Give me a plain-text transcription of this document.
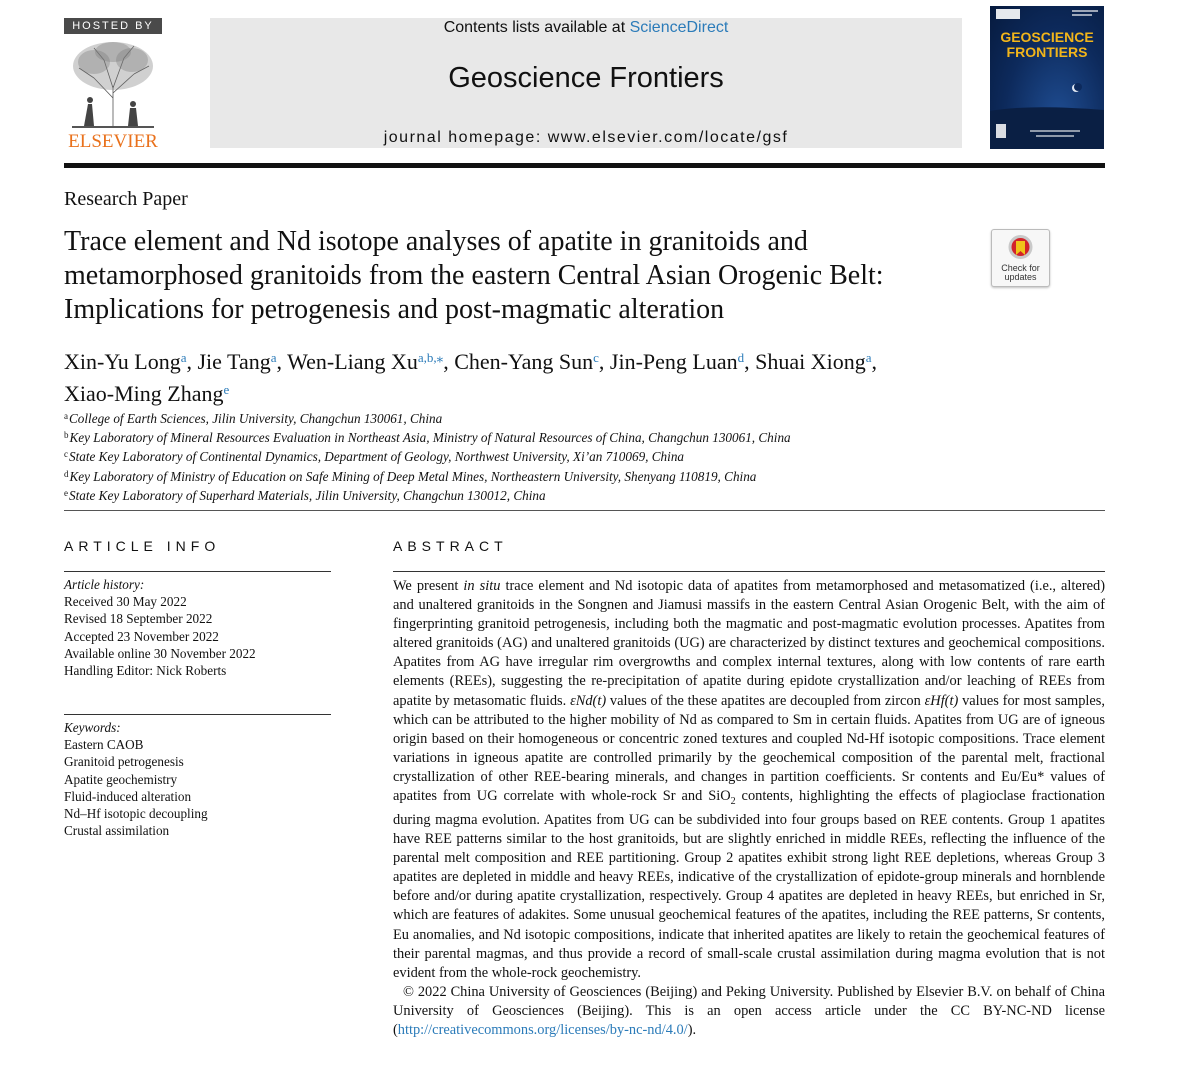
HOSTED BY
ELSEVIER
Contents lists available at ScienceDirect
Geoscience Frontiers
journal homepage: www.elsevier.com/locate/gsf
GEOSCIENCE
FRONTIERS
Research Paper
Trace element and Nd isotope analyses of apatite in granitoids and metamorphosed granitoids from the eastern Central Asian Orogenic Belt: Implications for petrogenesis and post-magmatic alteration
Check for
updates
Xin-Yu Long$^a$, Jie Tang$^a$, Wen-Liang $Xu^{a,b,⁎}$, Chen-Yang Sun$^c$, Jin-Peng Luan$^d$, Shuai Xiong$^a$,
Xiao-Ming Zhang$^e$
$^a$College of Earth Sciences, Jilin University, Changchun 130061, China
$^b$Key Laboratory of Mineral Resources Evaluation in Northeast Asia, Ministry of Natural Resources of China, Changchun 130061, China
$^c$State Key Laboratory of Continental Dynamics, Department of Geology, Northwest University, Xi’an 710069, China
$^d$Key Laboratory of Ministry of Education on Safe Mining of Deep Metal Mines, Northeastern University, Shenyang 110819, China
$^e$State Key Laboratory of Superhard Materials, Jilin University, Changchun 130012, China
ARTICLE INFO
Article history:
Received 30 May 2022
Revised 18 September 2022
Accepted 23 November 2022
Available online 30 November 2022
Handling Editor: Nick Roberts
Keywords:
Eastern CAOB
Granitoid petrogenesis
Apatite geochemistry
Fluid-induced alteration
Nd–Hf isotopic decoupling
Crustal assimilation
ABSTRACT

We present in situ trace element and Nd isotopic data of apatites from metamorphosed and metasomatized (i.e., altered) and unaltered granitoids in the Songnen and Jiamusi massifs in the eastern Central Asian Orogenic Belt, with the aim of fingerprinting granitoid petrogenesis, including both the magmatic and post-magmatic evolution processes. Apatites from altered granitoids (AG) and unaltered granitoids (UG) are characterized by distinct textures and geochemical compositions. Apatites from AG have irregular rim overgrowths and complex internal textures, along with low contents of rare earth elements (REEs), suggesting the re-precipitation of apatite during epidote crystallization and/or leaching of REEs from apatite by metasomatic fluids. εNd(t) values of the these apatites are decoupled from zircon εHf(t) values for most samples, which can be attributed to the higher mobility of Nd as compared to Sm in certain fluids. Apatites from UG are of igneous origin based on their homogeneous or concentric zoned textures and coupled Nd-Hf isotopic compositions. Trace element variations in igneous apatite are controlled primarily by the geochemical composition of the parental melt, fractional crystallization of other REE-bearing minerals, and changes in partition coefficients. Sr contents and Eu/Eu* values of apatites from UG correlate with whole-rock Sr and SiO$_2$ contents, highlighting the effects of plagioclase fractionation during magma evolution. Apatites from UG can be subdivided into four groups based on REE contents. Group 1 apatites have REE patterns similar to the host granitoids, but are slightly enriched in middle REEs, reflecting the influence of the parental melt composition and REE partitioning. Group 2 apatites exhibit strong light REE depletions, whereas Group 3 apatites are depleted in middle and heavy REEs, indicative of the crystallization of epidote-group minerals and hornblende before and/or during apatite crystallization, respectively. Group 4 apatites are depleted in heavy REEs, but enriched in Sr, which are features of adakites. Some unusual geochemical features of the apatites, including the REE patterns, Sr contents, Eu anomalies, and Nd isotopic compositions, indicate that inherited apatites are likely to retain the geochemical features of their parental magmas, and thus provide a record of small-scale crustal assimilation during magma evolution that is not evident from the whole-rock geochemistry.

© 2022 China University of Geosciences (Beijing) and Peking University. Published by Elsevier B.V. on behalf of China University of Geosciences (Beijing). This is an open access article under the CC BY-NC-ND license (http://creativecommons.org/licenses/by-nc-nd/4.0/).
